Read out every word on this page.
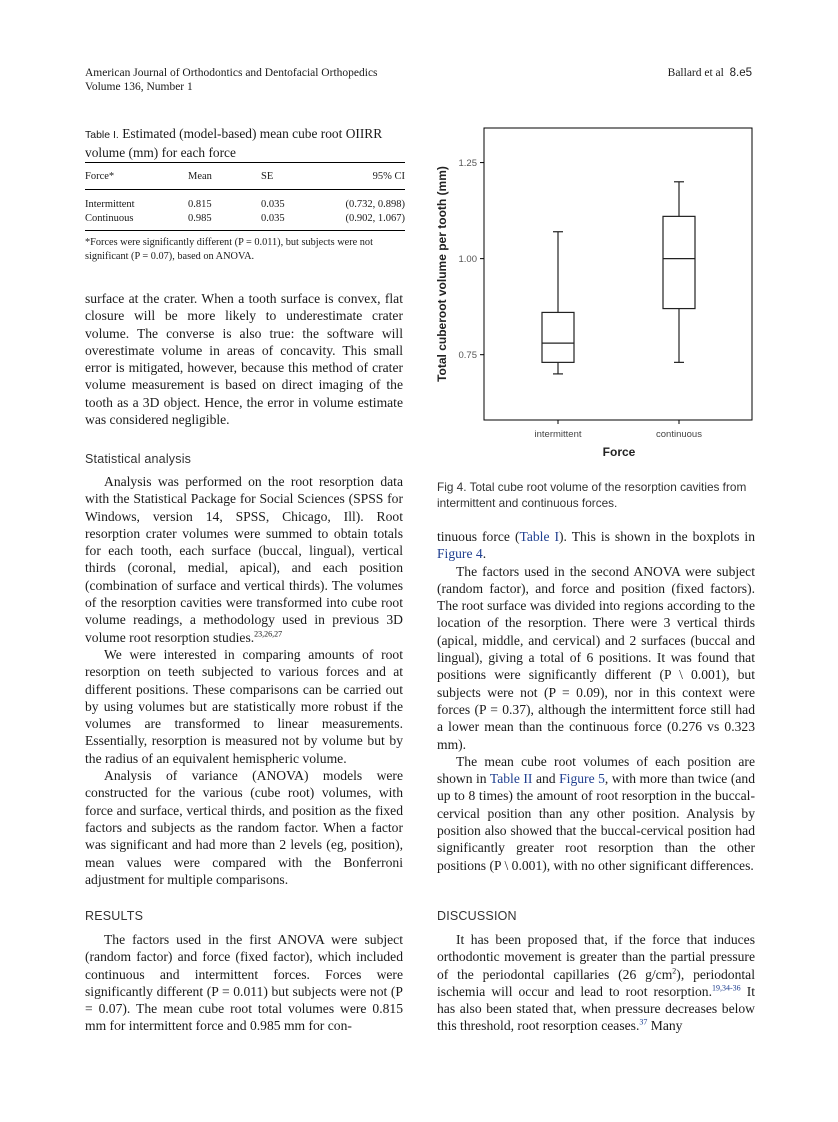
American Journal of Orthodontics and Dentofacial Orthopedics
Volume 136, Number 1
Ballard et al 8.e5
Table I. Estimated (model-based) mean cube root OIIRR volume (mm) for each force
Force*	Mean	SE	95% CI
Intermittent	0.815	0.035	(0.732, 0.898)
Continuous	0.985	0.035	(0.902, 1.067)
*Forces were significantly different (P = 0.011), but subjects were not significant (P = 0.07), based on ANOVA.

surface at the crater. When a tooth surface is convex, flat closure will be more likely to underestimate crater volume. The converse is also true: the software will overestimate volume in areas of concavity. This small error is mitigated, however, because this method of crater volume measurement is based on direct imaging of the tooth as a 3D object. Hence, the error in volume estimate was considered negligible.

Statistical analysis

Analysis was performed on the root resorption data with the Statistical Package for Social Sciences (SPSS for Windows, version 14, SPSS, Chicago, Ill). Root resorption crater volumes were summed to obtain totals for each tooth, each surface (buccal, lingual), vertical thirds (coronal, medial, apical), and each position (combination of surface and vertical thirds). The volumes of the resorption cavities were transformed into cube root volume readings, a methodology used in previous 3D volume root resorption studies.$^{23,26,27}$

We were interested in comparing amounts of root resorption on teeth subjected to various forces and at different positions. These comparisons can be carried out by using volumes but are statistically more robust if the volumes are transformed to linear measurements. Essentially, resorption is measured not by volume but by the radius of an equivalent hemispheric volume.

Analysis of variance (ANOVA) models were constructed for the various (cube root) volumes, with force and surface, vertical thirds, and position as the fixed factors and subjects as the random factor. When a factor was significant and had more than 2 levels (eg, position), mean values were compared with the Bonferroni adjustment for multiple comparisons.

RESULTS

The factors used in the first ANOVA were subject (random factor) and force (fixed factor), which included continuous and intermittent forces. Forces were significantly different (P = 0.011) but subjects were not (P = 0.07). The mean cube root total volumes were 0.815 mm for intermittent force and 0.985 mm for con-

0.75
1.00
1.25
Total cuberoot volume per tooth (mm)
intermittent	continuous
Force
Fig 4. Total cube root volume of the resorption cavities from intermittent and continuous forces.

tinuous force (Table I). This is shown in the boxplots in Figure 4.

The factors used in the second ANOVA were subject (random factor), and force and position (fixed factors). The root surface was divided into regions according to the location of the resorption. There were 3 vertical thirds (apical, middle, and cervical) and 2 surfaces (buccal and lingual), giving a total of 6 positions. It was found that positions were significantly different (P \ 0.001), but subjects were not (P = 0.09), nor in this context were forces (P = 0.37), although the intermittent force still had a lower mean than the continuous force (0.276 vs 0.323 mm).

The mean cube root volumes of each position are shown in Table II and Figure 5, with more than twice (and up to 8 times) the amount of root resorption in the buccal-cervical position than any other position. Analysis by position also showed that the buccal-cervical position had significantly greater root resorption than the other positions (P \ 0.001), with no other significant differences.

DISCUSSION

It has been proposed that, if the force that induces orthodontic movement is greater than the partial pressure of the periodontal capillaries (26 $g/cm^2$), periodontal ischemia will occur and lead to root resorption.$^{19,34-36}$ It has also been stated that, when pressure decreases below this threshold, root resorption ceases.$^{37}$ Many
